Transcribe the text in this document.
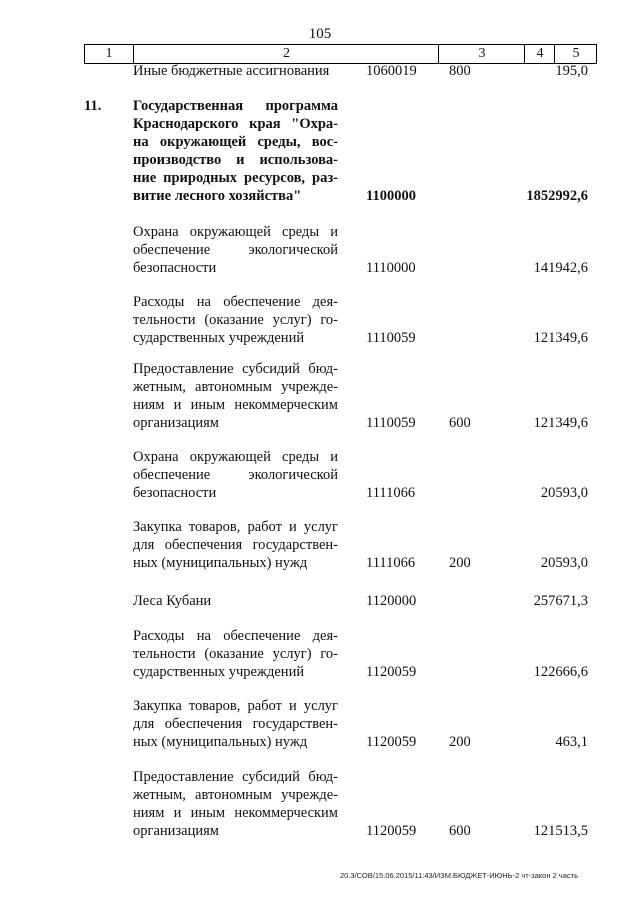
105
1	2	3	4	5
Иные бюджетные ассигнования	1060019 800	195,0
11. Государственная программа
Краснодарского края "Охра-
на окружающей среды, вос-
производство и использова-
ние природных ресурсов, раз-
витие лесного хозяйства"	1100000	1852992,6
Охрана окружающей среды и
обеспечение экологической
безопасности	1110000	141942,6
Расходы на обеспечение дея-
тельности (оказание услуг) го-
сударственных учреждений	1110059	121349,6
Предоставление субсидий бюд-
жетным, автономным учрежде-
ниям и иным некоммерческим
организациям	1110059 600	121349,6
Охрана окружающей среды и
обеспечение экологической
безопасности	1111066	20593,0
Закупка товаров, работ и услуг
для обеспечения государствен-
ных (муниципальных) нужд	1111066 200	20593,0
Леса Кубани	1120000	257671,3
Расходы на обеспечение дея-
тельности (оказание услуг) го-
сударственных учреждений	1120059	122666,6
Закупка товаров, работ и услуг
для обеспечения государствен-
ных (муниципальных) нужд	1120059 200	463,1
Предоставление субсидий бюд-
жетным, автономным учрежде-
ниям и иным некоммерческим
организациям	1120059 600	121513,5
20.3/СОВ/15.06.2015/11:43/ИЗМ.БЮДЖЕТ-ИЮНЬ-2 чт-закон 2 часть
